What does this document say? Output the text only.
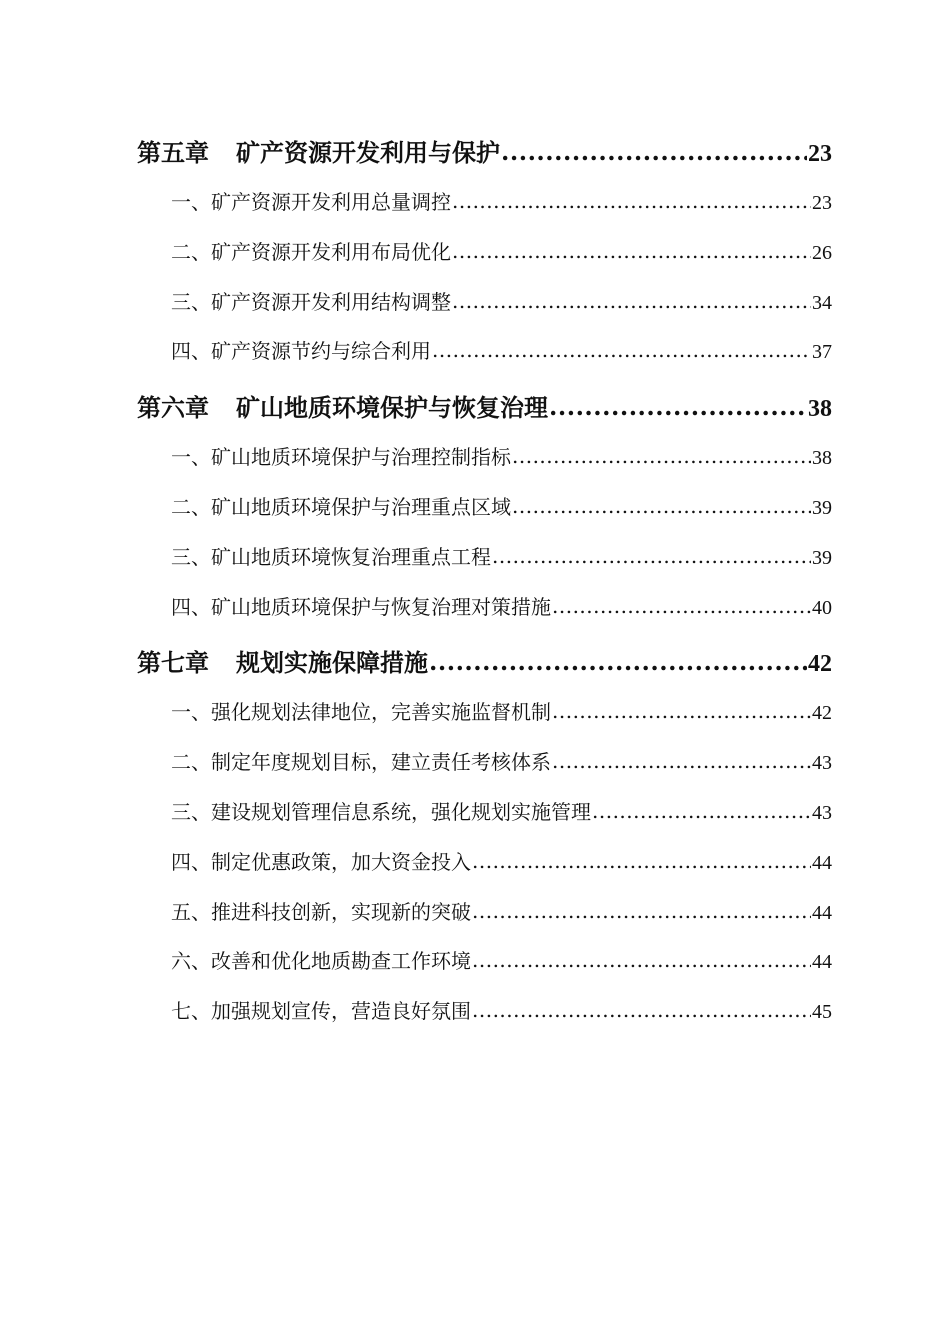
第五章 矿产资源开发利用与保护 .....	23
一、矿产资源开发利用总量调控 .....	23
二、矿产资源开发利用布局优化 .....	26
三、矿产资源开发利用结构调整 .....	34
四、矿产资源节约与综合利用 .....	37
第六章 矿山地质环境保护与恢复治理 .....	38
一、矿山地质环境保护与治理控制指标 .....	38
二、矿山地质环境保护与治理重点区域 .....	39
三、矿山地质环境恢复治理重点工程 .....	39
四、矿山地质环境保护与恢复治理对策措施 .....	40
第七章 规划实施保障措施 .....	42
一、强化规划法律地位，完善实施监督机制 .....	42
二、制定年度规划目标，建立责任考核体系 .....	43
三、建设规划管理信息系统，强化规划实施管理 .....	43
四、制定优惠政策，加大资金投入 .....	44
五、推进科技创新，实现新的突破 .....	44
六、改善和优化地质勘查工作环境 .....	44
七、加强规划宣传，营造良好氛围 .....	45
